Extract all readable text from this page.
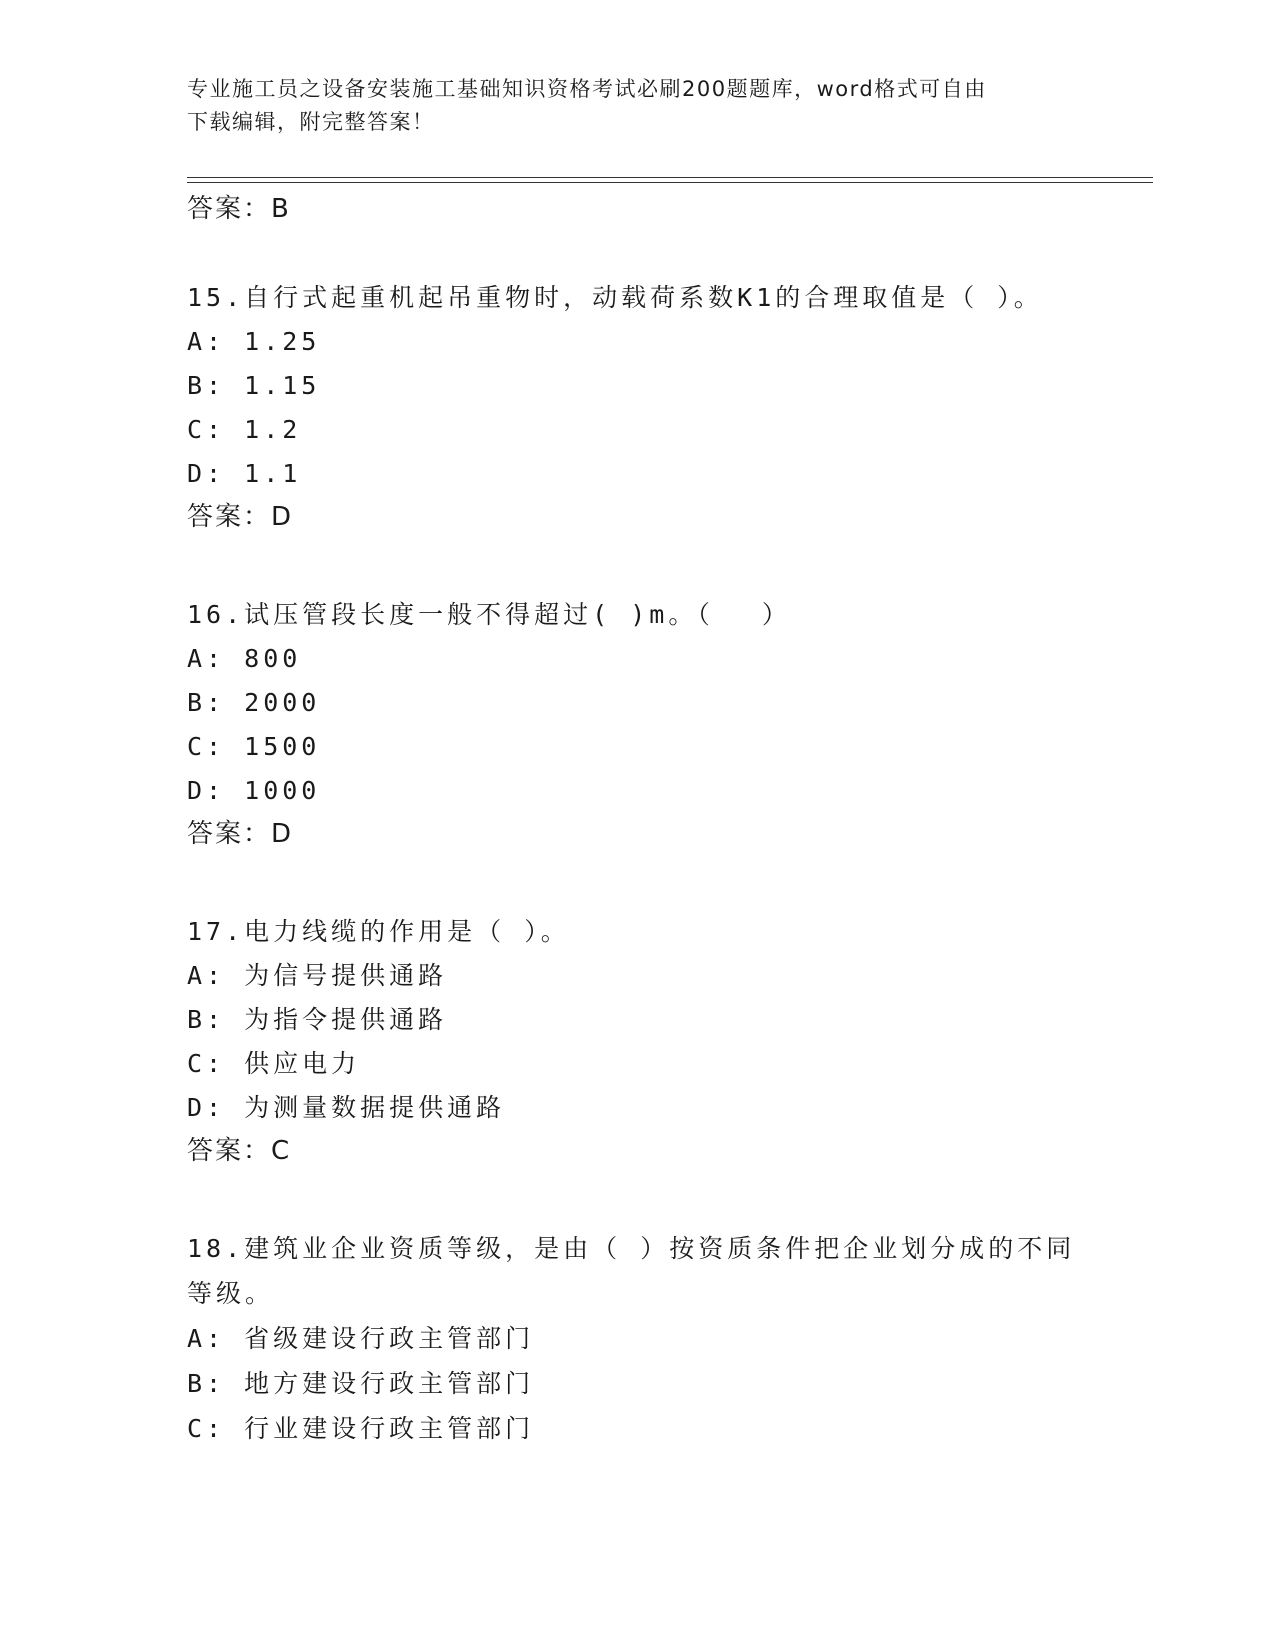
专业施工员之设备安装施工基础知识资格考试必刷200题题库，word格式可自由
下载编辑，附完整答案！
答案：B
15.自行式起重机起吊重物时，动载荷系数K1的合理取值是（ ）。
A: 1.25
B: 1.15
C: 1.2
D: 1.1
答案：D
16.试压管段长度一般不得超过( )m。（　 ）
A: 800
B: 2000
C: 1500
D: 1000
答案：D
17.电力线缆的作用是（ ）。
A: 为信号提供通路
B: 为指令提供通路
C: 供应电力
D: 为测量数据提供通路
答案：C
18.建筑业企业资质等级，是由（ ）按资质条件把企业划分成的不同
等级。
A: 省级建设行政主管部门
B: 地方建设行政主管部门
C: 行业建设行政主管部门
